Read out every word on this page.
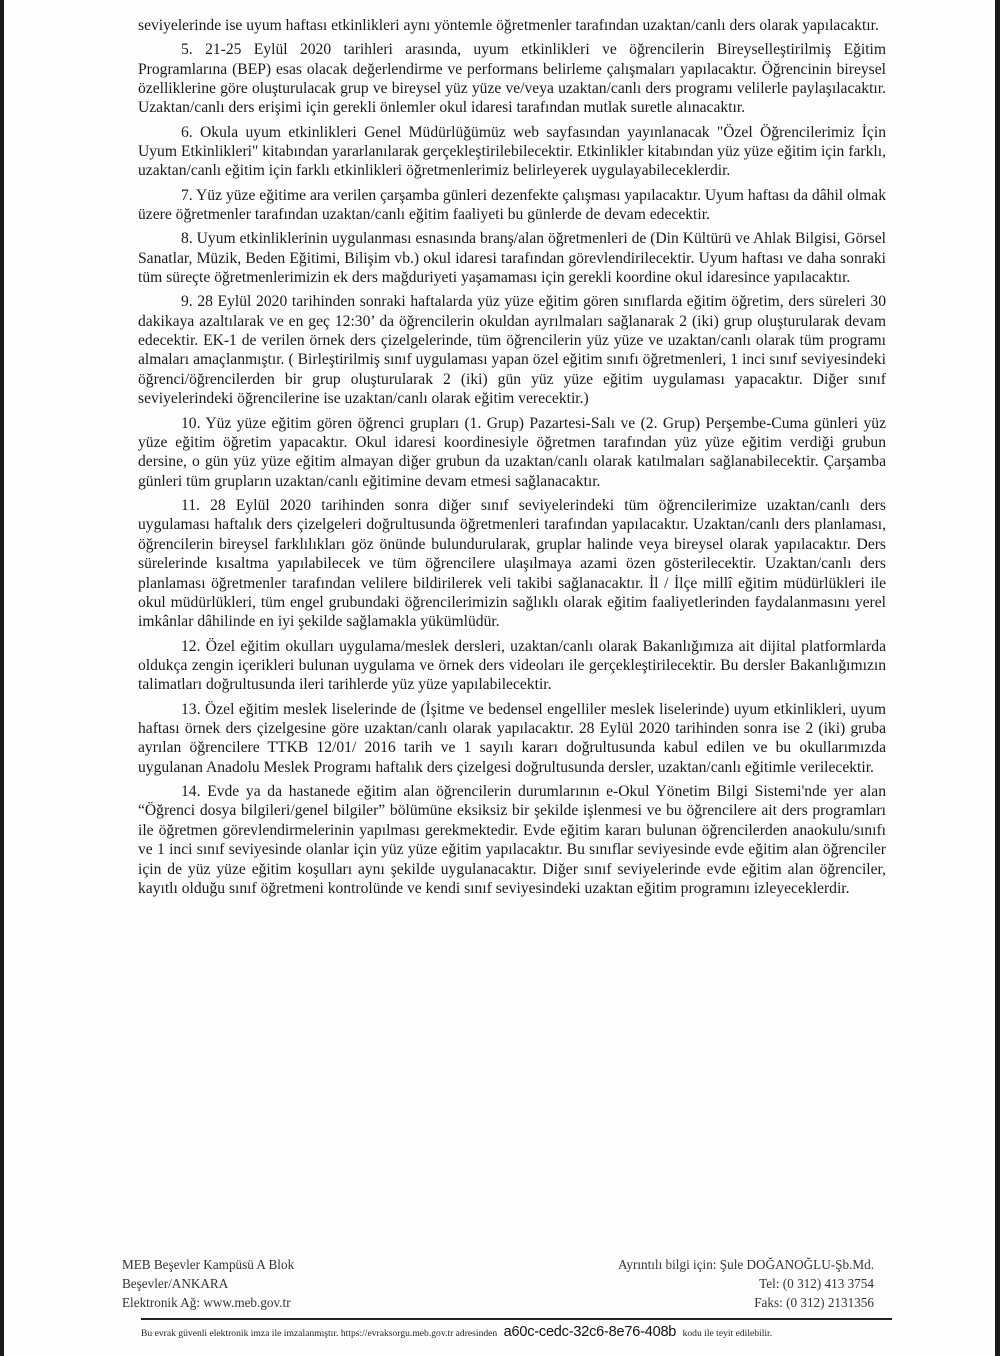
seviyelerinde ise uyum haftası etkinlikleri aynı yöntemle öğretmenler tarafından uzaktan/canlı ders olarak yapılacaktır.

5. 21-25 Eylül 2020 tarihleri arasında, uyum etkinlikleri ve öğrencilerin Bireyselleştirilmiş Eğitim Programlarına (BEP) esas olacak değerlendirme ve performans belirleme çalışmaları yapılacaktır. Öğrencinin bireysel özelliklerine göre oluşturulacak grup ve bireysel yüz yüze ve/veya uzaktan/canlı ders programı velilerle paylaşılacaktır. Uzaktan/canlı ders erişimi için gerekli önlemler okul idaresi tarafından mutlak suretle alınacaktır.

6. Okula uyum etkinlikleri Genel Müdürlüğümüz web sayfasından yayınlanacak "Özel Öğrencilerimiz İçin Uyum Etkinlikleri" kitabından yararlanılarak gerçekleştirilebilecektir. Etkinlikler kitabından yüz yüze eğitim için farklı, uzaktan/canlı eğitim için farklı etkinlikleri öğretmenlerimiz belirleyerek uygulayabileceklerdir.

7. Yüz yüze eğitime ara verilen çarşamba günleri dezenfekte çalışması yapılacaktır. Uyum haftası da dâhil olmak üzere öğretmenler tarafından uzaktan/canlı eğitim faaliyeti bu günlerde de devam edecektir.

8. Uyum etkinliklerinin uygulanması esnasında branş/alan öğretmenleri de (Din Kültürü ve Ahlak Bilgisi, Görsel Sanatlar, Müzik, Beden Eğitimi, Bilişim vb.) okul idaresi tarafından görevlendirilecektir. Uyum haftası ve daha sonraki tüm süreçte öğretmenlerimizin ek ders mağduriyeti yaşamaması için gerekli koordine okul idaresince yapılacaktır.

9. 28 Eylül 2020 tarihinden sonraki haftalarda yüz yüze eğitim gören sınıflarda eğitim öğretim, ders süreleri 30 dakikaya azaltılarak ve en geç 12:30’ da öğrencilerin okuldan ayrılmaları sağlanarak 2 (iki) grup oluşturularak devam edecektir. EK-1 de verilen örnek ders çizelgelerinde, tüm öğrencilerin yüz yüze ve uzaktan/canlı olarak tüm programı almaları amaçlanmıştır. ( Birleştirilmiş sınıf uygulaması yapan özel eğitim sınıfı öğretmenleri, 1 inci sınıf seviyesindeki öğrenci/öğrencilerden bir grup oluşturularak 2 (iki) gün yüz yüze eğitim uygulaması yapacaktır. Diğer sınıf seviyelerindeki öğrencilerine ise uzaktan/canlı olarak eğitim verecektir.)

10. Yüz yüze eğitim gören öğrenci grupları (1. Grup) Pazartesi-Salı ve (2. Grup) Perşembe-Cuma günleri yüz yüze eğitim öğretim yapacaktır. Okul idaresi koordinesiyle öğretmen tarafından yüz yüze eğitim verdiği grubun dersine, o gün yüz yüze eğitim almayan diğer grubun da uzaktan/canlı olarak katılmaları sağlanabilecektir. Çarşamba günleri tüm grupların uzaktan/canlı eğitimine devam etmesi sağlanacaktır.

11. 28 Eylül 2020 tarihinden sonra diğer sınıf seviyelerindeki tüm öğrencilerimize uzaktan/canlı ders uygulaması haftalık ders çizelgeleri doğrultusunda öğretmenleri tarafından yapılacaktır. Uzaktan/canlı ders planlaması, öğrencilerin bireysel farklılıkları göz önünde bulundurularak, gruplar halinde veya bireysel olarak yapılacaktır. Ders sürelerinde kısaltma yapılabilecek ve tüm öğrencilere ulaşılmaya azami özen gösterilecektir. Uzaktan/canlı ders planlaması öğretmenler tarafından velilere bildirilerek veli takibi sağlanacaktır. İl / İlçe millî eğitim müdürlükleri ile okul müdürlükleri, tüm engel grubundaki öğrencilerimizin sağlıklı olarak eğitim faaliyetlerinden faydalanmasını yerel imkânlar dâhilinde en iyi şekilde sağlamakla yükümlüdür.

12. Özel eğitim okulları uygulama/meslek dersleri, uzaktan/canlı olarak Bakanlığımıza ait dijital platformlarda oldukça zengin içerikleri bulunan uygulama ve örnek ders videoları ile gerçekleştirilecektir. Bu dersler Bakanlığımızın talimatları doğrultusunda ileri tarihlerde yüz yüze yapılabilecektir.

13. Özel eğitim meslek liselerinde de (İşitme ve bedensel engelliler meslek liselerinde) uyum etkinlikleri, uyum haftası örnek ders çizelgesine göre uzaktan/canlı olarak yapılacaktır. 28 Eylül 2020 tarihinden sonra ise 2 (iki) gruba ayrılan öğrencilere TTKB 12/01/ 2016 tarih ve 1 sayılı kararı doğrultusunda kabul edilen ve bu okullarımızda uygulanan Anadolu Meslek Programı haftalık ders çizelgesi doğrultusunda dersler, uzaktan/canlı eğitimle verilecektir.

14. Evde ya da hastanede eğitim alan öğrencilerin durumlarının e-Okul Yönetim Bilgi Sistemi'nde yer alan “Öğrenci dosya bilgileri/genel bilgiler” bölümüne eksiksiz bir şekilde işlenmesi ve bu öğrencilere ait ders programları ile öğretmen görevlendirmelerinin yapılması gerekmektedir. Evde eğitim kararı bulunan öğrencilerden anaokulu/sınıfı ve 1 inci sınıf seviyesinde olanlar için yüz yüze eğitim yapılacaktır. Bu sınıflar seviyesinde evde eğitim alan öğrenciler için de yüz yüze eğitim koşulları aynı şekilde uygulanacaktır. Diğer sınıf seviyelerinde evde eğitim alan öğrenciler, kayıtlı olduğu sınıf öğretmeni kontrolünde ve kendi sınıf seviyesindeki uzaktan eğitim programını izleyeceklerdir.

MEB Beşevler Kampüsü A Blok
Beşevler/ANKARA
Elektronik Ağ: www.meb.gov.tr
Ayrıntılı bilgi için: Şule DOĞANOĞLU-Şb.Md.
Tel: (0 312) 413 3754
Faks: (0 312) 2131356
Bu evrak güvenli elektronik imza ile imzalanmıştır. https://evraksorgu.meb.gov.tr adresinden a60c-cedc-32c6-8e76-408b kodu ile teyit edilebilir.
